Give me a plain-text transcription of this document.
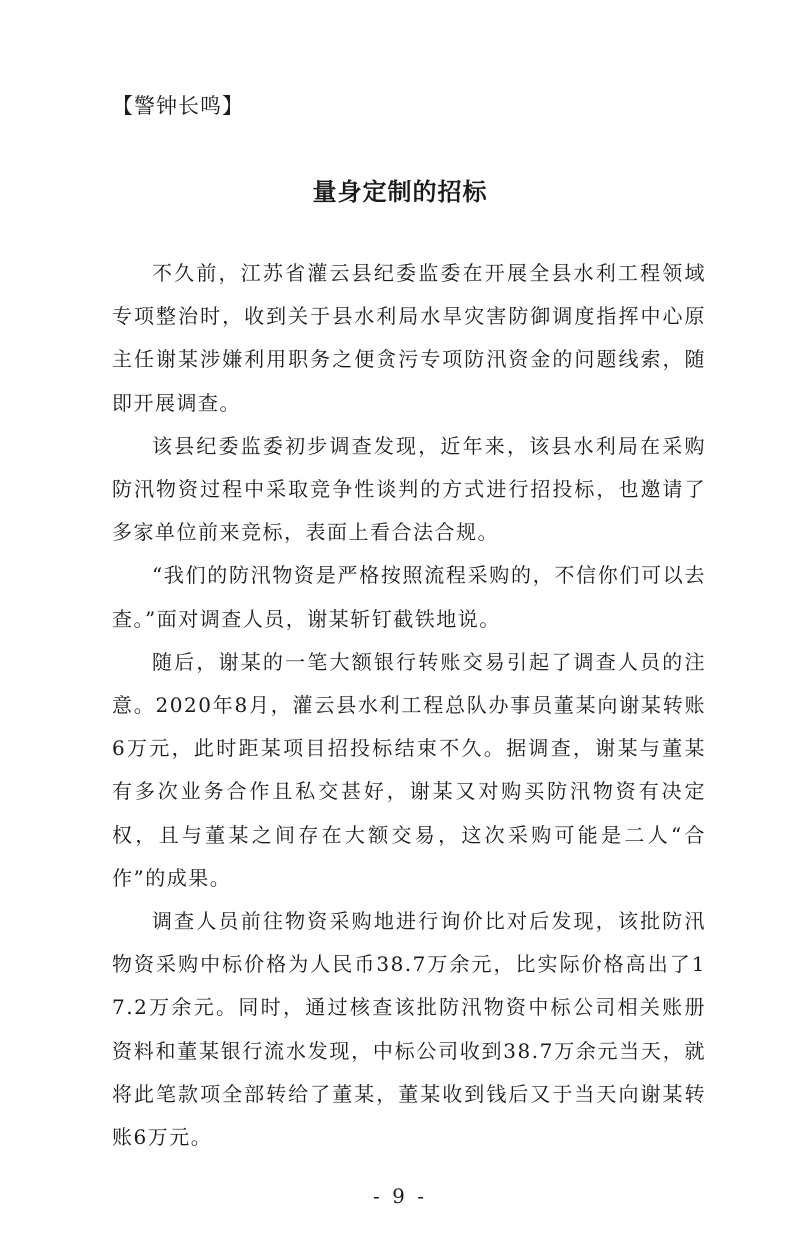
【警钟长鸣】
量身定制的招标

不久前，江苏省灌云县纪委监委在开展全县水利工程领域专项整治时，收到关于县水利局水旱灾害防御调度指挥中心原主任谢某涉嫌利用职务之便贪污专项防汛资金的问题线索，随即开展调查。

该县纪委监委初步调查发现，近年来，该县水利局在采购防汛物资过程中采取竞争性谈判的方式进行招投标，也邀请了多家单位前来竞标，表面上看合法合规。

“我们的防汛物资是严格按照流程采购的，不信你们可以去查。”面对调查人员，谢某斩钉截铁地说。

随后，谢某的一笔大额银行转账交易引起了调查人员的注意。2020年8月，灌云县水利工程总队办事员董某向谢某转账6万元，此时距某项目招投标结束不久。据调查，谢某与董某有多次业务合作且私交甚好，谢某又对购买防汛物资有决定权，且与董某之间存在大额交易，这次采购可能是二人“合作”的成果。

调查人员前往物资采购地进行询价比对后发现，该批防汛物资采购中标价格为人民币38.7万余元，比实际价格高出了17.2万余元。同时，通过核查该批防汛物资中标公司相关账册资料和董某银行流水发现，中标公司收到38.7万余元当天，就将此笔款项全部转给了董某，董某收到钱后又于当天向谢某转账6万元。

- 9 -
